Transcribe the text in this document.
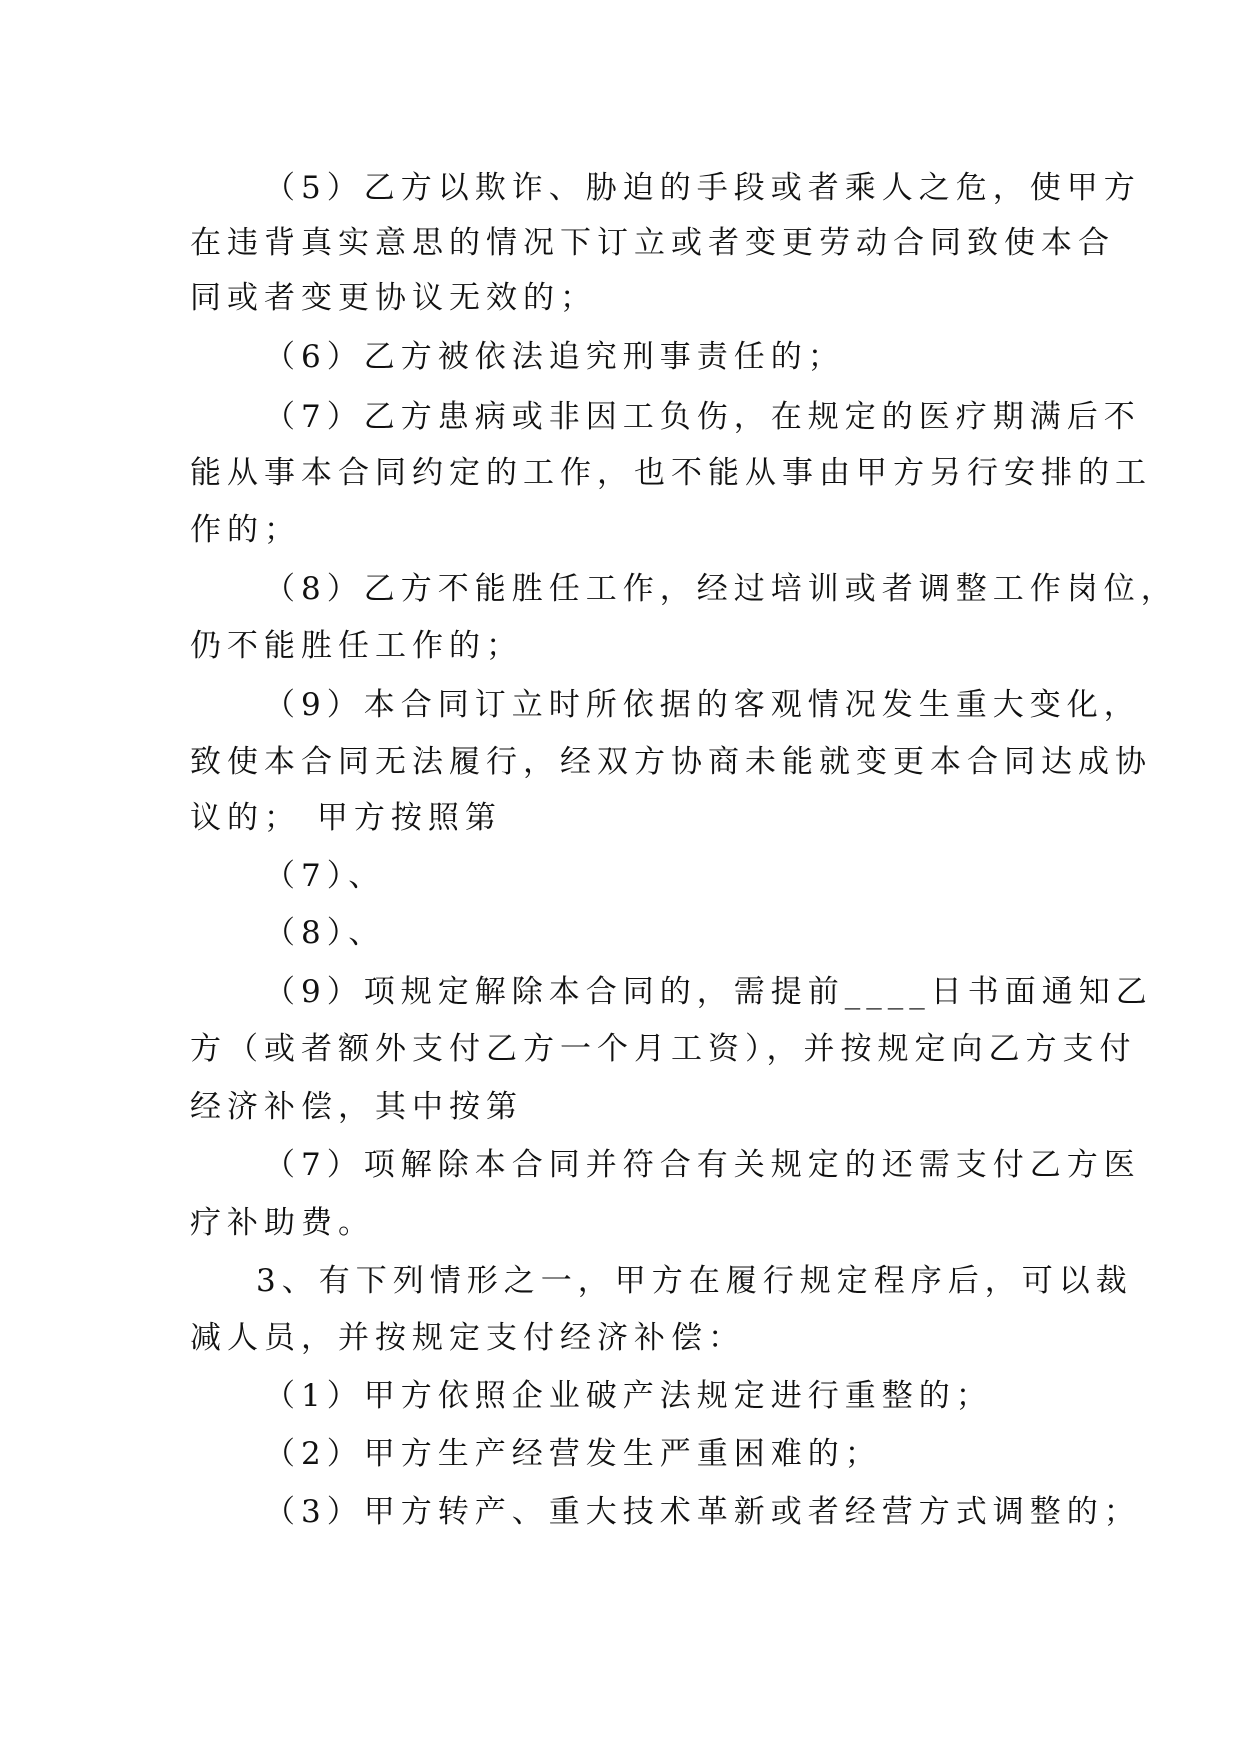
（5）乙方以欺诈、胁迫的手段或者乘人之危，使甲方
在违背真实意思的情况下订立或者变更劳动合同致使本合
同或者变更协议无效的；
（6）乙方被依法追究刑事责任的；
（7）乙方患病或非因工负伤，在规定的医疗期满后不
能从事本合同约定的工作，也不能从事由甲方另行安排的工
作的；
（8）乙方不能胜任工作，经过培训或者调整工作岗位，
仍不能胜任工作的；
（9）本合同订立时所依据的客观情况发生重大变化，
致使本合同无法履行，经双方协商未能就变更本合同达成协
议的； 甲方按照第
（7）、
（8）、
（9）项规定解除本合同的，需提前____日书面通知乙
方（或者额外支付乙方一个月工资），并按规定向乙方支付
经济补偿，其中按第
（7）项解除本合同并符合有关规定的还需支付乙方医
疗补助费。
3、有下列情形之一，甲方在履行规定程序后，可以裁
减人员，并按规定支付经济补偿：
（1）甲方依照企业破产法规定进行重整的；
（2）甲方生产经营发生严重困难的；
（3）甲方转产、重大技术革新或者经营方式调整的；
